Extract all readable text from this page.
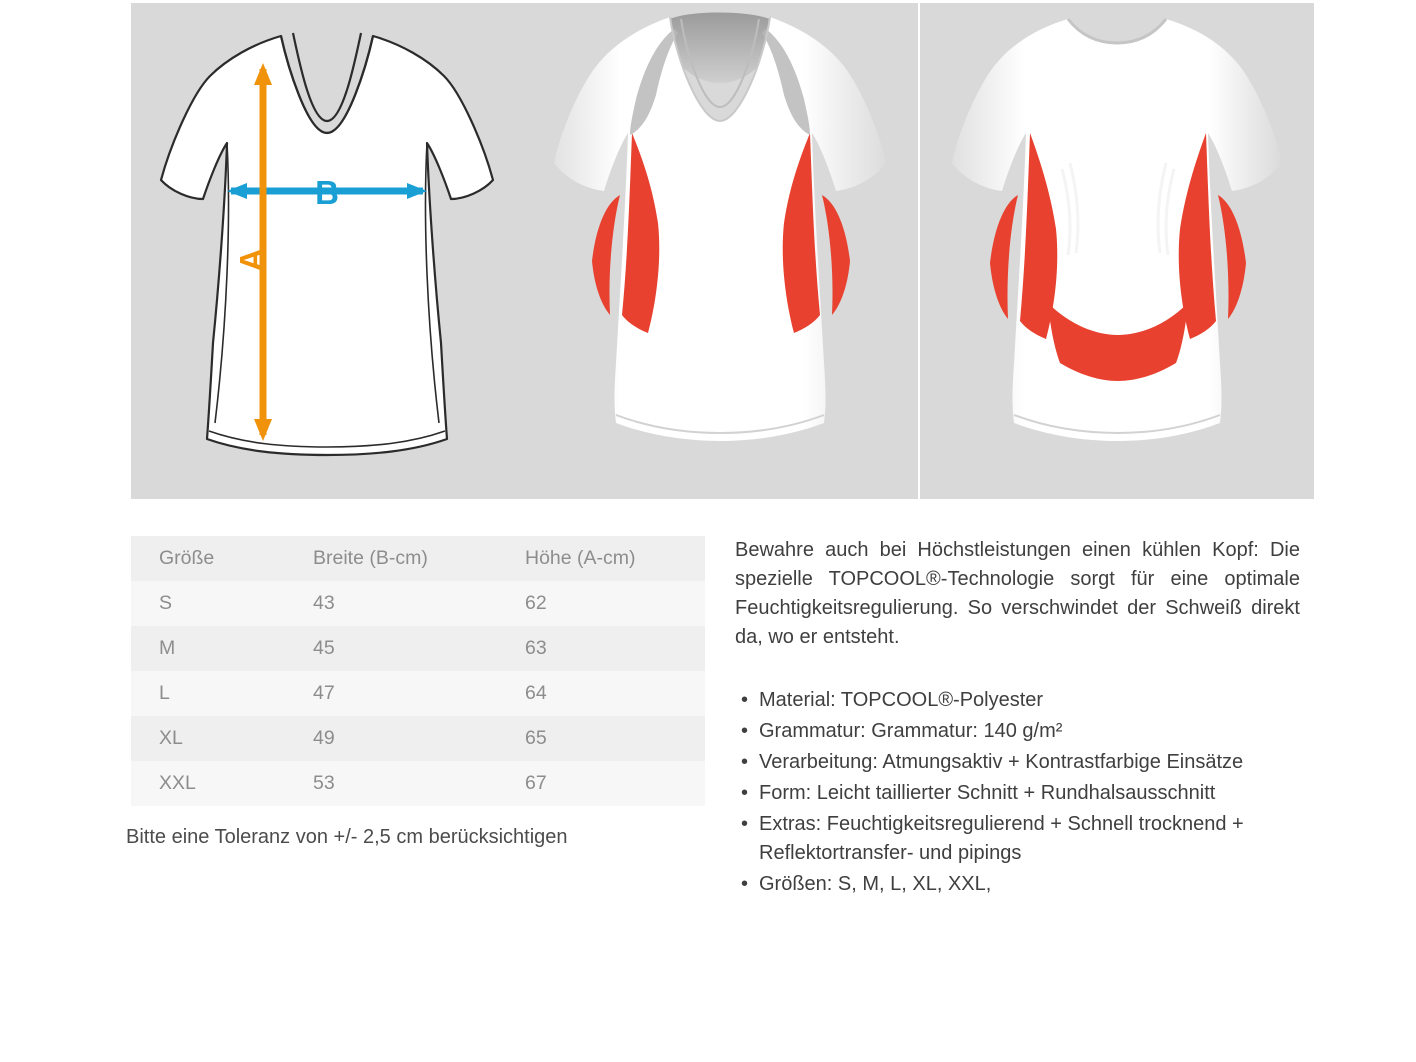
B
A
Größe	Breite (B-cm)	Höhe (A-cm)
S	43	62
M	45	63
L	47	64
XL	49	65
XXL	53	67
Bitte eine Toleranz von +/- 2,5 cm berücksichtigen

Bewahre auch bei Höchstleistungen einen kühlen Kopf: Die spezielle TOPCOOL®-Technologie sorgt für eine optimale Feuchtigkeitsregulierung. So verschwindet der Schweiß direkt da, wo er entsteht.

• Material: TOPCOOL®-Polyester
• Grammatur: Grammatur: 140 g/m²
• Verarbeitung: Atmungsaktiv + Kontrastfarbige Einsätze
• Form: Leicht taillierter Schnitt + Rundhalsausschnitt
• Extras: Feuchtigkeitsregulierend + Schnell trocknend + Reflektortransfer- und pipings
• Größen: S, M, L, XL, XXL,
